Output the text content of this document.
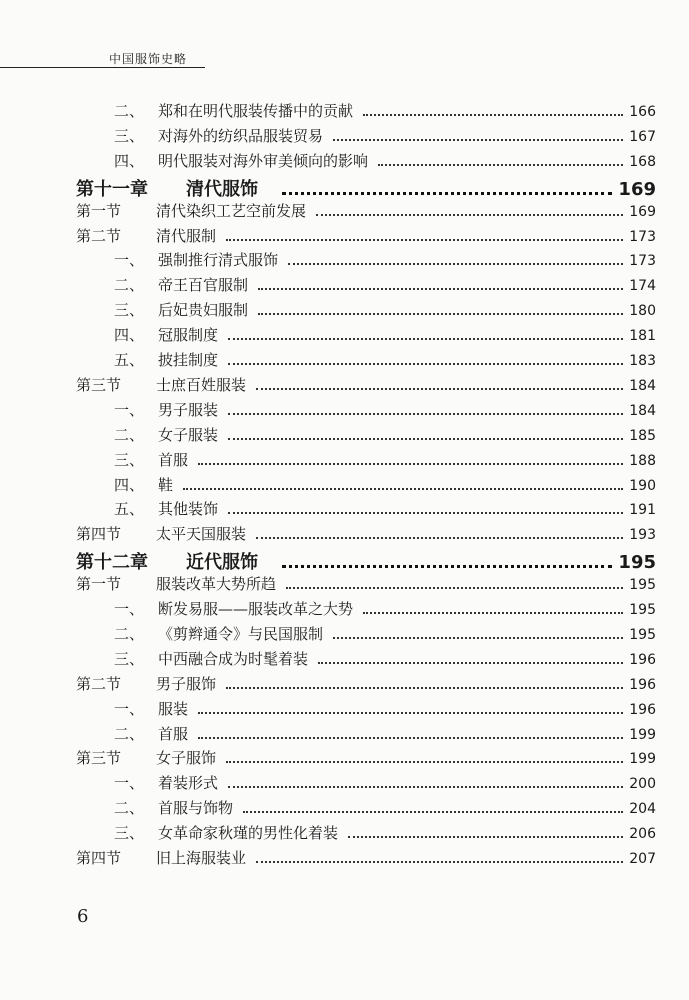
中国服饰史略
二、 郑和在明代服装传播中的贡献	166
三、 对海外的纺织品服装贸易	167
四、 明代服装对海外审美倾向的影响	168
第十一章	清代服饰	169
第一节	清代染织工艺空前发展	169
第二节	清代服制	173
一、 强制推行清式服饰	173
二、 帝王百官服制	174
三、 后妃贵妇服制	180
四、 冠服制度	181
五、 披挂制度	183
第三节	士庶百姓服装	184
一、 男子服装	184
二、 女子服装	185
三、 首服	188
四、 鞋	190
五、 其他装饰	191
第四节	太平天国服装	193
第十二章	近代服饰	195
第一节	服装改革大势所趋	195
一、 断发易服——服装改革之大势	195
二、 《剪辫通令》与民国服制	195
三、 中西融合成为时髦着装	196
第二节	男子服饰	196
一、 服装	196
二、 首服	199
第三节	女子服饰	199
一、 着装形式	200
二、 首服与饰物	204
三、 女革命家秋瑾的男性化着装	206
第四节	旧上海服装业	207
6
